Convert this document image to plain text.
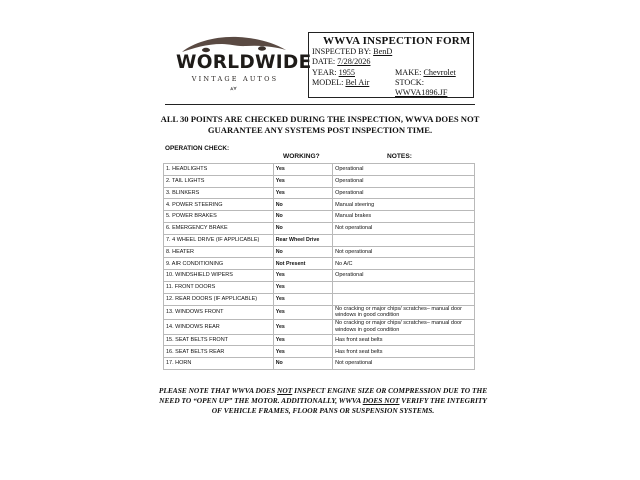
WORLDWIDE
VINTAGE AUTOS
⩓⩔
WWVA INSPECTION FORM
INSPECTED BY: BenD
DATE: 7/28/2026
YEAR: 1955
MODEL: Bel Air
MAKE: Chevrolet
STOCK:
WWVA1896.JF
ALL 30 POINTS ARE CHECKED DURING THE INSPECTION, WWVA DOES NOT
GUARANTEE ANY SYSTEMS POST INSPECTION TIME.
OPERATION CHECK:
WORKING?	NOTES:
1. HEADLIGHTS	Yes	Operational
2. TAIL LIGHTS	Yes	Operational
3. BLINKERS	Yes	Operational
4. POWER STEERING	No	Manual steering
5. POWER BRAKES	No	Manual brakes
6. EMERGENCY BRAKE	No	Not operational
7. 4 WHEEL DRIVE (IF APPLICABLE)	Rear Wheel Drive	
8. HEATER	No	Not operational
9. AIR CONDITIONING	Not Present	No A/C
10. WINDSHIELD WIPERS	Yes	Operational
11. FRONT DOORS	Yes	
12. REAR DOORS (IF APPLICABLE)	Yes	
13. WINDOWS FRONT	Yes	No cracking or major chips/ scratches– manual door windows in good condition
14. WINDOWS REAR	Yes	No cracking or major chips/ scratches– manual door windows in good condition
15. SEAT BELTS FRONT	Yes	Has front seat belts
16. SEAT BELTS REAR	Yes	Has front seat belts
17. HORN	No	Not operational
PLEASE NOTE THAT WWVA DOES NOT INSPECT ENGINE SIZE OR COMPRESSION DUE TO THE NEED TO “OPEN UP” THE MOTOR. ADDITIONALLY, WWVA DOES NOT VERIFY THE INTEGRITY OF VEHICLE FRAMES, FLOOR PANS OR SUSPENSION SYSTEMS.
